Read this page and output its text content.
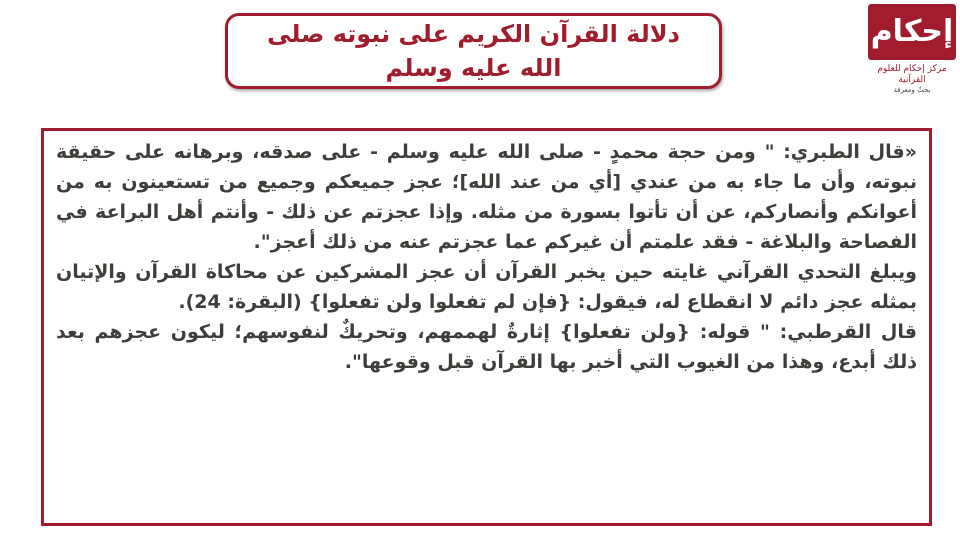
دلالة القرآن الكريم على نبوته صلى الله عليه وسلم
إحكام
مركز إحكام للعلوم القرآنية
بحثٌ ومعرفة

«قال الطبري: " ومن حجة محمدٍ - صلى الله عليه وسلم - على صدقه، وبرهانه على حقيقة نبوته، وأن ما جاء به من عندي [أي من عند الله]؛ عجز جميعكم وجميع من تستعينون به من أعوانكم وأنصاركم، عن أن تأتوا بسورة من مثله. وإذا عجزتم عن ذلك - وأنتم أهل البراعة في الفصاحة والبلاغة - فقد علمتم أن غيركم عما عجزتم عنه من ذلك أعجز".

ويبلغ التحدي القرآني غايته حين يخبر القرآن أن عجز المشركين عن محاكاة القرآن والإتيان بمثله عجز دائم لا انقطاع له، فيقول: {فإن لم تفعلوا ولن تفعلوا} (البقرة: 24).

قال القرطبي: " قوله: {ولن تفعلوا} إثارةٌ لهممهم، وتحريكٌ لنفوسهم؛ ليكون عجزهم بعد ذلك أبدع، وهذا من الغيوب التي أخبر بها القرآن قبل وقوعها".
